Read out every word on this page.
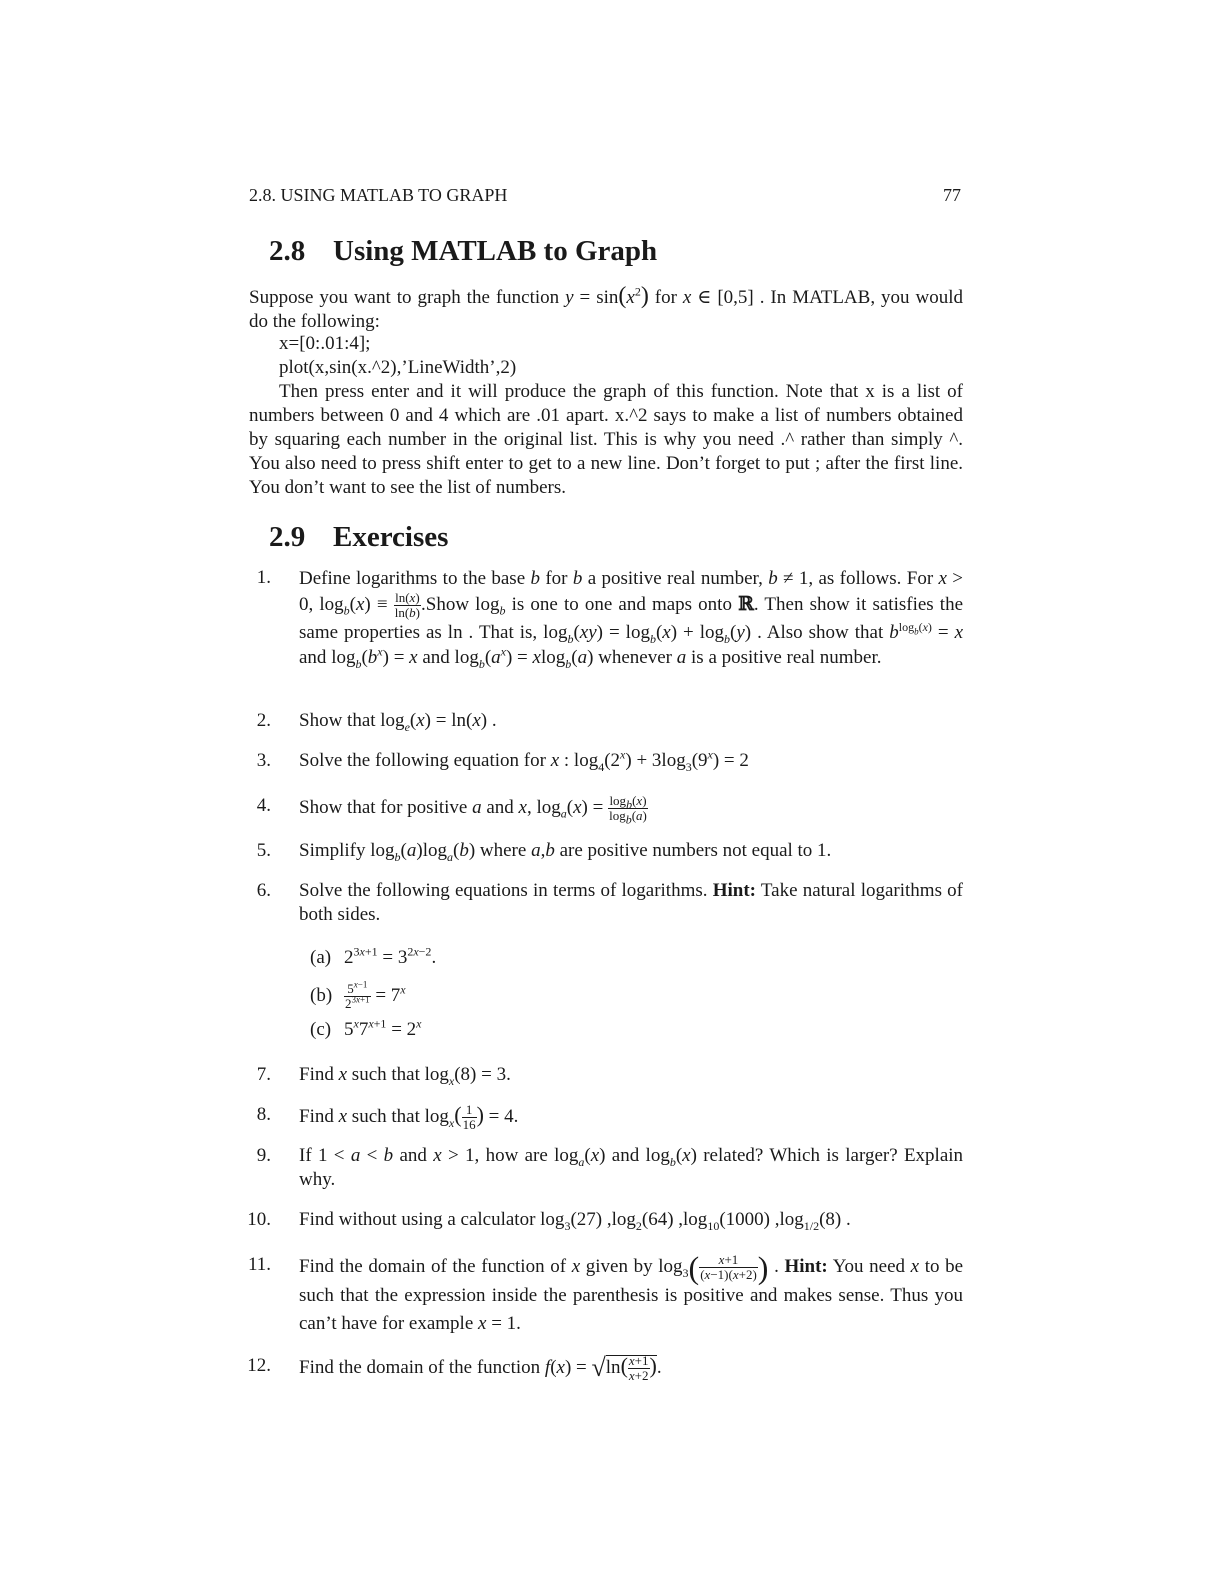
2.8. USING MATLAB TO GRAPH	77
2.8 Using MATLAB to Graph
Suppose you want to graph the function $y = \sin(x^2)$ for x ∈ [0,5] . In MATLAB, you would do the following:
x=[0:.01:4];
plot(x,sin(x.^2),’LineWidth’,2)
Then press enter and it will produce the graph of this function. Note that x is a list of numbers between 0 and 4 which are .01 apart. x.^2 says to make a list of numbers obtained by squaring each number in the original list. This is why you need .^ rather than simply ^. You also need to press shift enter to get to a new line. Don’t forget to put ; after the first line. You don’t want to see the list of numbers.
2.9 Exercises
1. Define logarithms to the base b for b a positive real number, b ≠ 1, as follows. For x > 0, $\log_b(x) \equiv \frac{\ln(x)}{\ln(b)}$ .Show $\log_b$ is one to one and maps onto ℝ. Then show it satisfies the same properties as ln . That is, $\log_b(xy) = \log_b(x) + \log_b(y)$ . Also show that $b^{log_b(x)} = x$ and $\log_b(b^x) = x$ and $\log_b(a^x) = xlog_b(a)$ whenever a is a positive real number.
2. Show that $\log_e(x) = \ln(x)$ .
3. Solve the following equation for x : $\log_4(2^x) + 3\log_3(9^x) = 2$
4. Show that for positive a and x, $\log_a(x) = \frac{\log_b(x)}{\log_b(a)}$
5. Simplify $\log_b(a)\log_a(b)$ where a,b are positive numbers not equal to 1.
6. Solve the following equations in terms of logarithms. Hint: Take natural logarithms of both sides.
(a) $2^{3x+1} = 3^{2x-2}$.
$(b) \frac{5^{x-1}}{2^{3x+1}} = 7^x$
(c) $5^x7^{x+1} = 2^x$
7. Find x such that $\log_x(8) = 3$.
8. Find x such that $\log_x( \frac{1}{16}$ ) = 4.
9. If 1 < a < b and x > 1, how are $\log_a(x)$ and $\log_b(x)$ related? Which is larger? Explain why.
10. Find without using a calculator $\log_3(27)$ $,\log_2(64)$ $,\log_{10}(1000)$ $,\log_{1/2}(8)$ .
11. Find the domain of the function of x given by $\log_3( \frac{x+1}{(x-1)(x+2)}$ ) . Hint: You need x to be such that the expression inside the parenthesis is positive and makes sense. Thus you can’t have for example x = 1.
12. Find the domain of the function $f(x) = √\ln( \frac{x+1}{x+2}$ ).
